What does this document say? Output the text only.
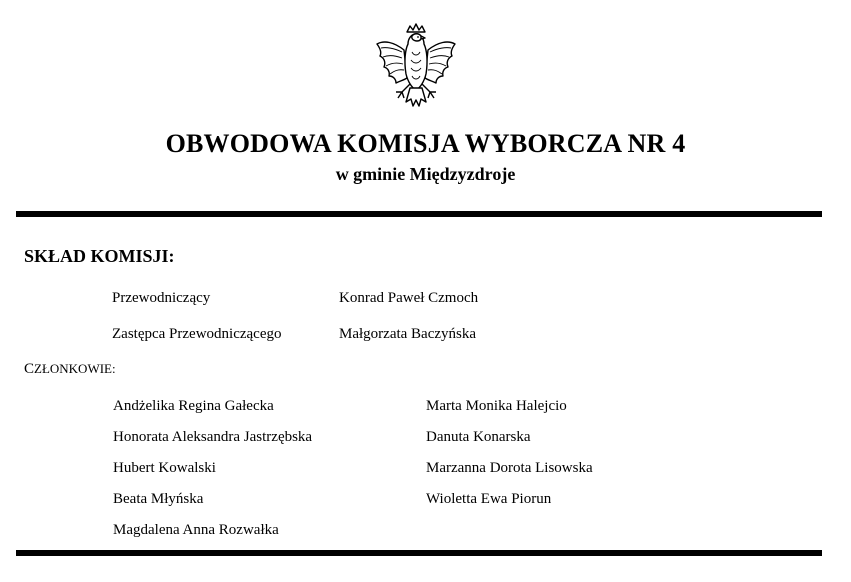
OBWODOWA KOMISJA WYBORCZA NR 4
w gminie Międzyzdroje
SKŁAD KOMISJI:
Przewodniczący	Konrad Paweł Czmoch
Zastępca Przewodniczącego	Małgorzata Baczyńska
CZŁONKOWIE:
Andżelika Regina Gałecka
Honorata Aleksandra Jastrzębska
Hubert Kowalski
Beata Młyńska
Magdalena Anna Rozwałka
Marta Monika Halejcio
Danuta Konarska
Marzanna Dorota Lisowska
Wioletta Ewa Piorun
